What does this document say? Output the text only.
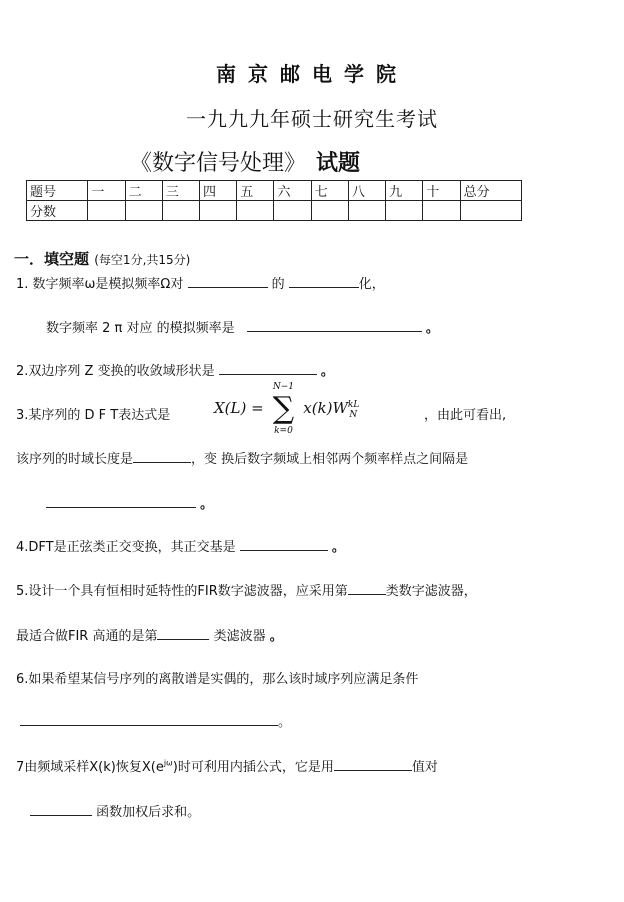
南京邮电学院
一九九九年硕士研究生考试
《数字信号处理》 试题
题号	一	二	三	四	五	六	七	八	九	十	总分
分数											
一．填空题 (每空1分,共15分)
1. 数字频率ω是模拟频率Ω对	的	化，
数字频率 2 π 对应 的模拟频率是	。
2.双边序列 Z 变换的收敛域形状是	。
3.某序列的 D F T表达式是	X(L) =
N−1
∑
k=0
$x(k)W^{kL}_N$	，由此可看出,
该序列的时域长度是	，变 换后数字频域上相邻两个频率样点之间隔是
。
4.DFT是正弦类正交变换，其正交基是	。
5.设计一个具有恒相时延特性的FIR数字滤波器，应采用第	类数字滤波器，
最适合做FIR 高通的是第	类滤波器 。
6.如果希望某信号序列的离散谱是实偶的，那么该时域序列应满足条件
。
7由频域采样X(k)恢复$X(e^{j\omega})$时可利用内插公式，它是用	值对
函数加权后求和。
